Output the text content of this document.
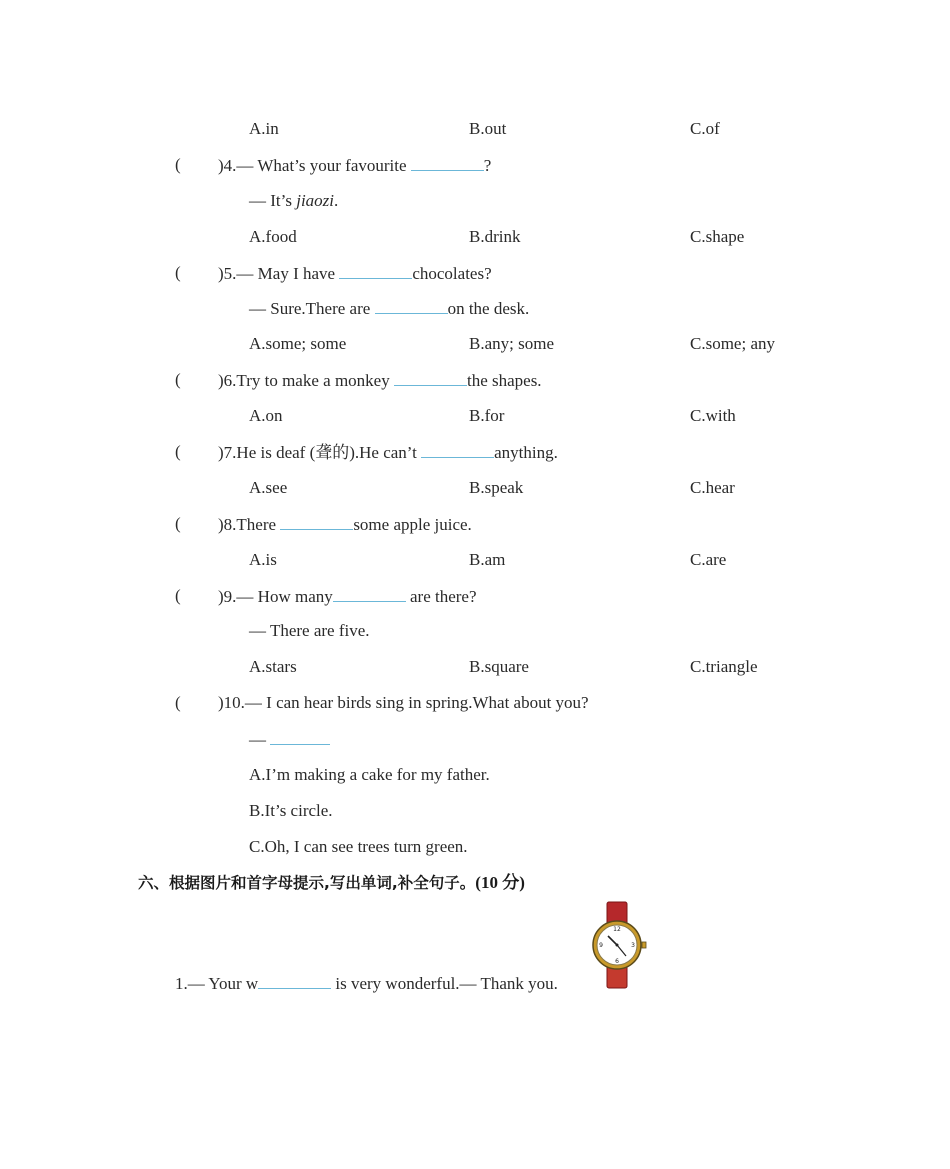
A.in	B.out	C.of
( )4.— What’s your favourite	?
— It’s jiaozi.
A.food	B.drink	C.shape
( )5.— May I have	chocolates?
— Sure.There are	on the desk.
A.some; some	B.any; some	C.some; any
( )6.Try to make a monkey	the shapes.
A.on	B.for	C.with
( )7.He is deaf (聋的).He can’t	anything.
A.see	B.speak	C.hear
( )8.There	some apple juice.
A.is	B.am	C.are
( )9.— How many	are there?
— There are five.
A.stars	B.square	C.triangle
( )10.— I can hear birds sing in spring.What about you?
—
A.I’m making a cake for my father.
B.It’s circle.
C.Oh, I can see trees turn green.
六、根据图片和首字母提示,写出单词,补全句子。(10 分)
1.— Your w	is very wonderful.— Thank you.
12
3
6
9
